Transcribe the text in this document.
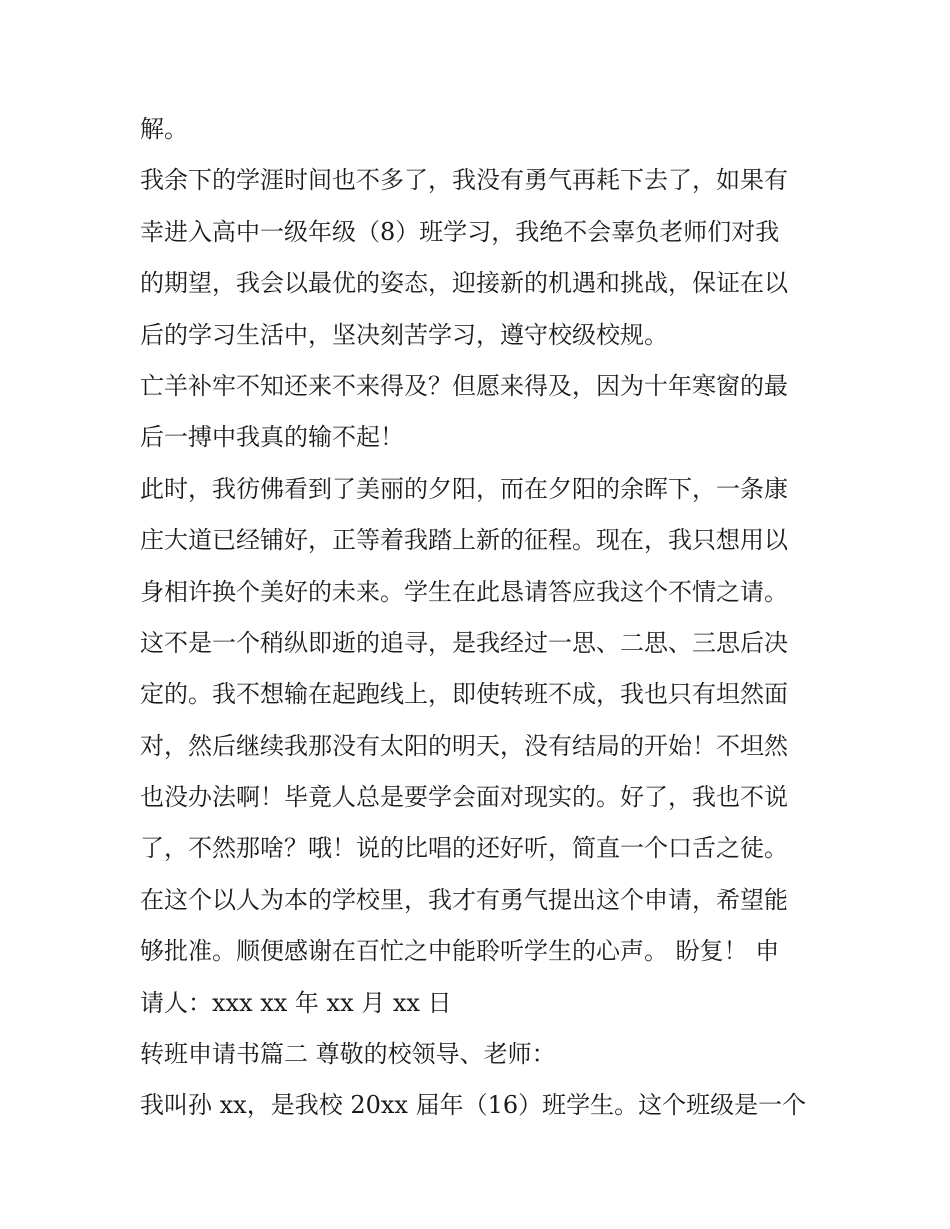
解。
我余下的学涯时间也不多了，我没有勇气再耗下去了，如果有
幸进入高中一级年级（8）班学习，我绝不会辜负老师们对我
的期望，我会以最优的姿态，迎接新的机遇和挑战，保证在以
后的学习生活中，坚决刻苦学习，遵守校级校规。
亡羊补牢不知还来不来得及？但愿来得及，因为十年寒窗的最
后一搏中我真的输不起！
此时，我彷佛看到了美丽的夕阳，而在夕阳的余晖下，一条康
庄大道已经铺好，正等着我踏上新的征程。现在，我只想用以
身相许换个美好的未来。学生在此恳请答应我这个不情之请。
这不是一个稍纵即逝的追寻，是我经过一思、二思、三思后决
定的。我不想输在起跑线上，即使转班不成，我也只有坦然面
对，然后继续我那没有太阳的明天，没有结局的开始！不坦然
也没办法啊！毕竟人总是要学会面对现实的。好了，我也不说
了，不然那啥？哦！说的比唱的还好听，简直一个口舌之徒。
在这个以人为本的学校里，我才有勇气提出这个申请，希望能
够批准。顺便感谢在百忙之中能聆听学生的心声。 盼复！ 申
请人：xxx xx 年 xx 月 xx 日
转班申请书篇二 尊敬的校领导、老师：
我叫孙 xx，是我校 20xx 届年（16）班学生。这个班级是一个
